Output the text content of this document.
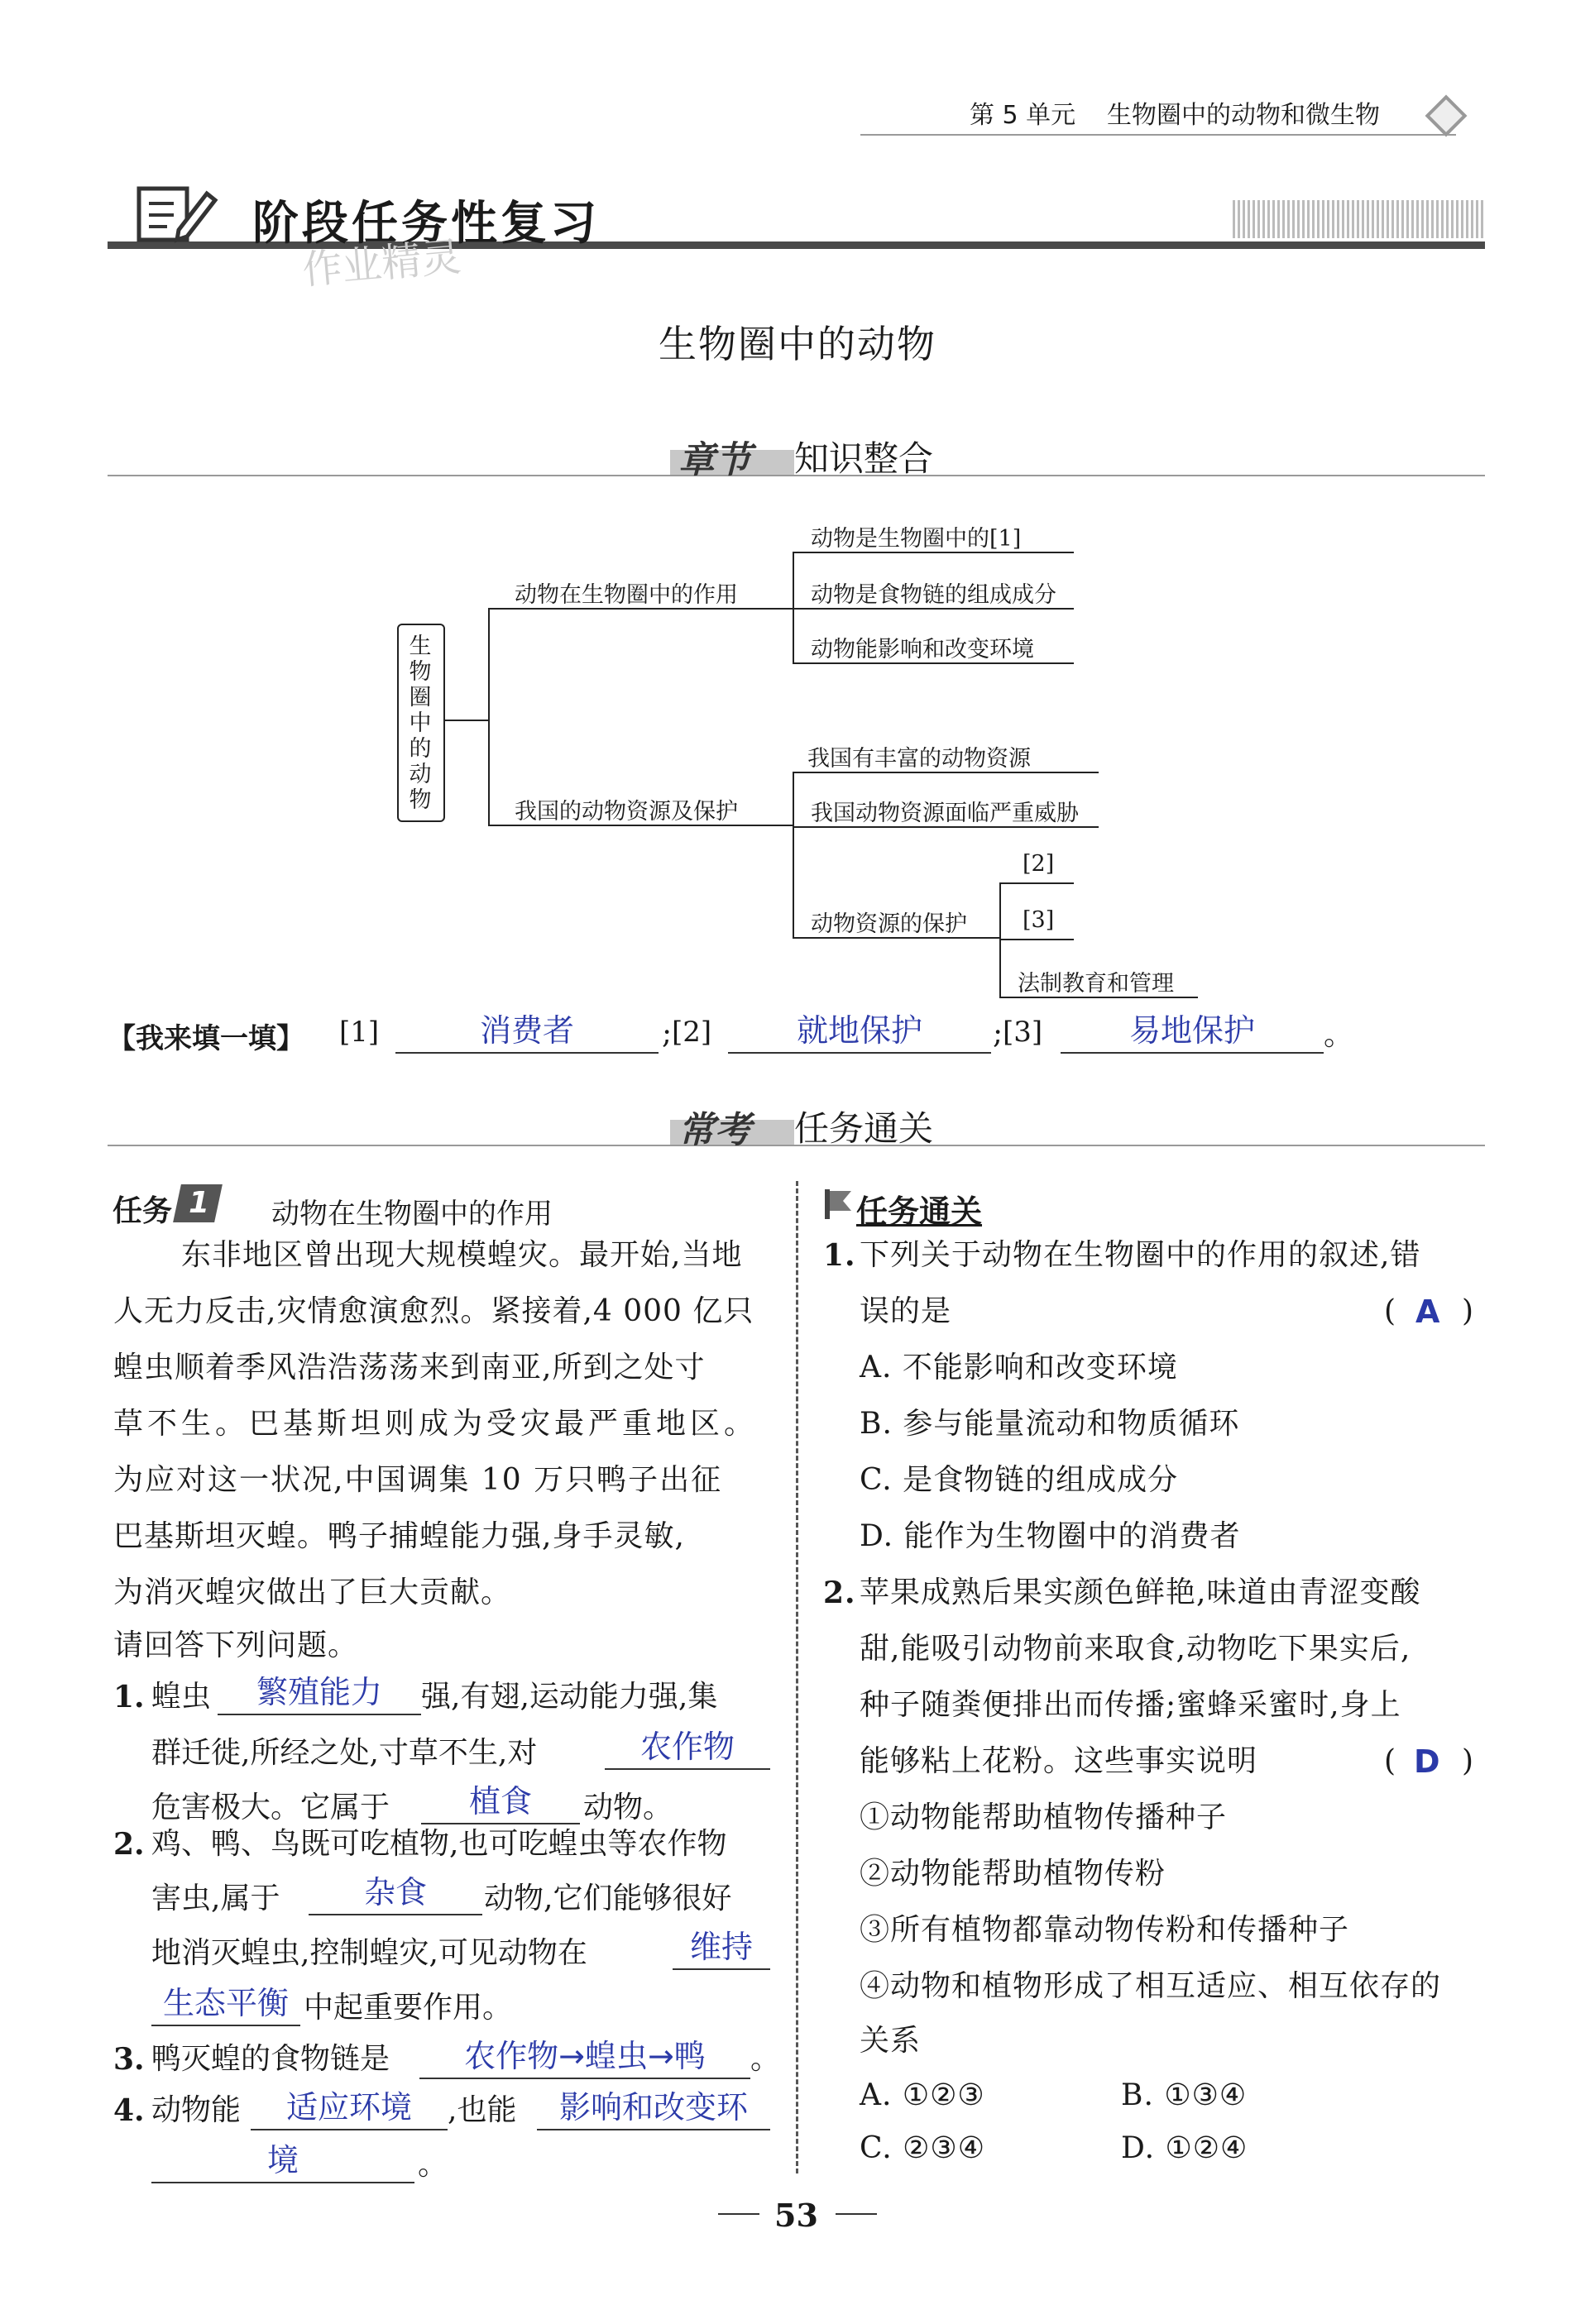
第 5 单元 生物圈中的动物和微生物
阶段任务性复习
作业精灵
生物圈中的动物
章节 知识整合
生物圈中的动物
动物在生物圈中的作用
我国的动物资源及保护
动物是生物圈中的[1]
动物是食物链的组成成分
动物能影响和改变环境
我国有丰富的动物资源
我国动物资源面临严重威胁
动物资源的保护
[2]
[3]
法制教育和管理
【我来填一填】 [1]	消费者	; [2]	就地保护	; [3]	易地保护	。
常考 任务通关
任务 1 动物在生物圈中的作用
东非地区曾出现大规模蝗灾。最开始,当地
人无力反击,灾情愈演愈烈。紧接着,4 000 亿只
蝗虫顺着季风浩浩荡荡来到南亚,所到之处寸
草不生。巴基斯坦则成为受灾最严重地区。
为应对这一状况,中国调集 10 万只鸭子出征
巴基斯坦灭蝗。鸭子捕蝗能力强,身手灵敏,
为消灭蝗灾做出了巨大贡献。
请回答下列问题。
1. 蝗虫	繁殖能力	强,有翅,运动能力强,集
群迁徙,所经之处,寸草不生,对	农作物
危害极大。它属于	植食	动物。
2. 鸡、鸭、鸟既可吃植物,也可吃蝗虫等农作物
害虫,属于	杂食	动物,它们能够很好
地消灭蝗虫,控制蝗灾,可见动物在	维持
生态平衡 中起重要作用。
3. 鸭灭蝗的食物链是	农作物→蝗虫→鸭	。
4. 动物能	适应环境	,也能	影响和改变环
境	。
任务通关
1. 下列关于动物在生物圈中的作用的叙述,错
误的是	( A )
A. 不能影响和改变环境
B. 参与能量流动和物质循环
C. 是食物链的组成成分
D. 能作为生物圈中的消费者
2. 苹果成熟后果实颜色鲜艳,味道由青涩变酸
甜,能吸引动物前来取食,动物吃下果实后,
种子随粪便排出而传播;蜜蜂采蜜时,身上
能够粘上花粉。这些事实说明	( D )
①动物能帮助植物传播种子
②动物能帮助植物传粉
③所有植物都靠动物传粉和传播种子
④动物和植物形成了相互适应、相互依存的
关系
A. ①②③	B. ①③④
C. ②③④	D. ①②④
53
